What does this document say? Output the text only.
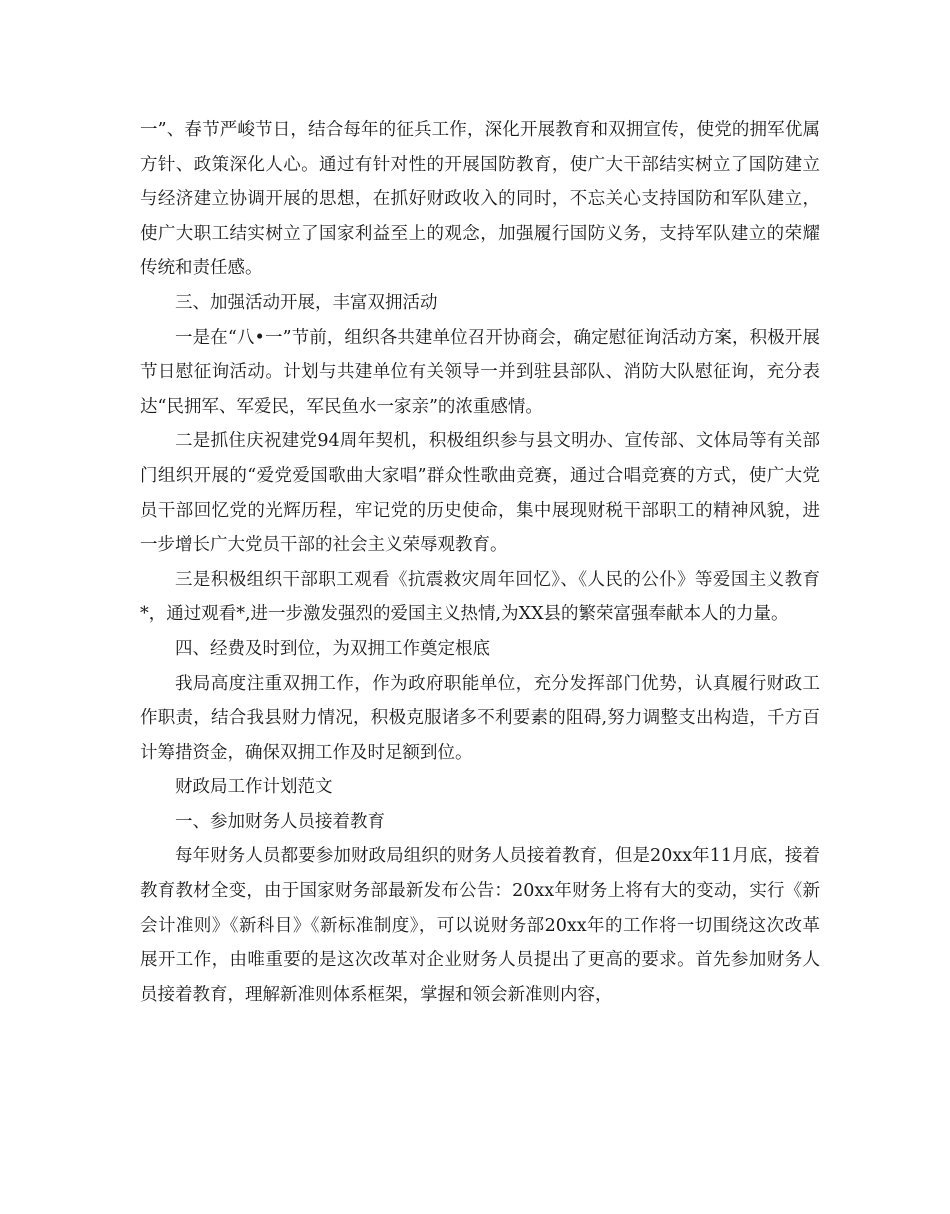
一”、春节严峻节日，结合每年的征兵工作，深化开展教育和双拥宣传，使党的拥军优属方针、政策深化人心。通过有针对性的开展国防教育，使广大干部结实树立了国防建立与经济建立协调开展的思想，在抓好财政收入的同时，不忘关心支持国防和军队建立，使广大职工结实树立了国家利益至上的观念，加强履行国防义务，支持军队建立的荣耀传统和责任感。

三、加强活动开展，丰富双拥活动

一是在“八•一”节前，组织各共建单位召开协商会，确定慰征询活动方案，积极开展节日慰征询活动。计划与共建单位有关领导一并到驻县部队、消防大队慰征询，充分表达“民拥军、军爱民，军民鱼水一家亲”的浓重感情。

二是抓住庆祝建党94周年契机，积极组织参与县文明办、宣传部、文体局等有关部门组织开展的“爱党爱国歌曲大家唱”群众性歌曲竞赛，通过合唱竞赛的方式，使广大党员干部回忆党的光辉历程，牢记党的历史使命，集中展现财税干部职工的精神风貌，进一步增长广大党员干部的社会主义荣辱观教育。

三是积极组织干部职工观看《抗震救灾周年回忆》、《人民的公仆》等爱国主义教育*，通过观看*,进一步激发强烈的爱国主义热情,为XX县的繁荣富强奉献本人的力量。

四、经费及时到位，为双拥工作奠定根底

我局高度注重双拥工作，作为政府职能单位，充分发挥部门优势，认真履行财政工作职责，结合我县财力情况，积极克服诸多不利要素的阻碍,努力调整支出构造，千方百计筹措资金，确保双拥工作及时足额到位。

财政局工作计划范文

一、参加财务人员接着教育

每年财务人员都要参加财政局组织的财务人员接着教育，但是20xx年11月底，接着教育教材全变，由于国家财务部最新发布公告：20xx年财务上将有大的变动，实行《新会计准则》《新科目》《新标准制度》，可以说财务部20xx年的工作将一切围绕这次改革展开工作，由唯重要的是这次改革对企业财务人员提出了更高的要求。首先参加财务人员接着教育，理解新准则体系框架，掌握和领会新准则内容，
